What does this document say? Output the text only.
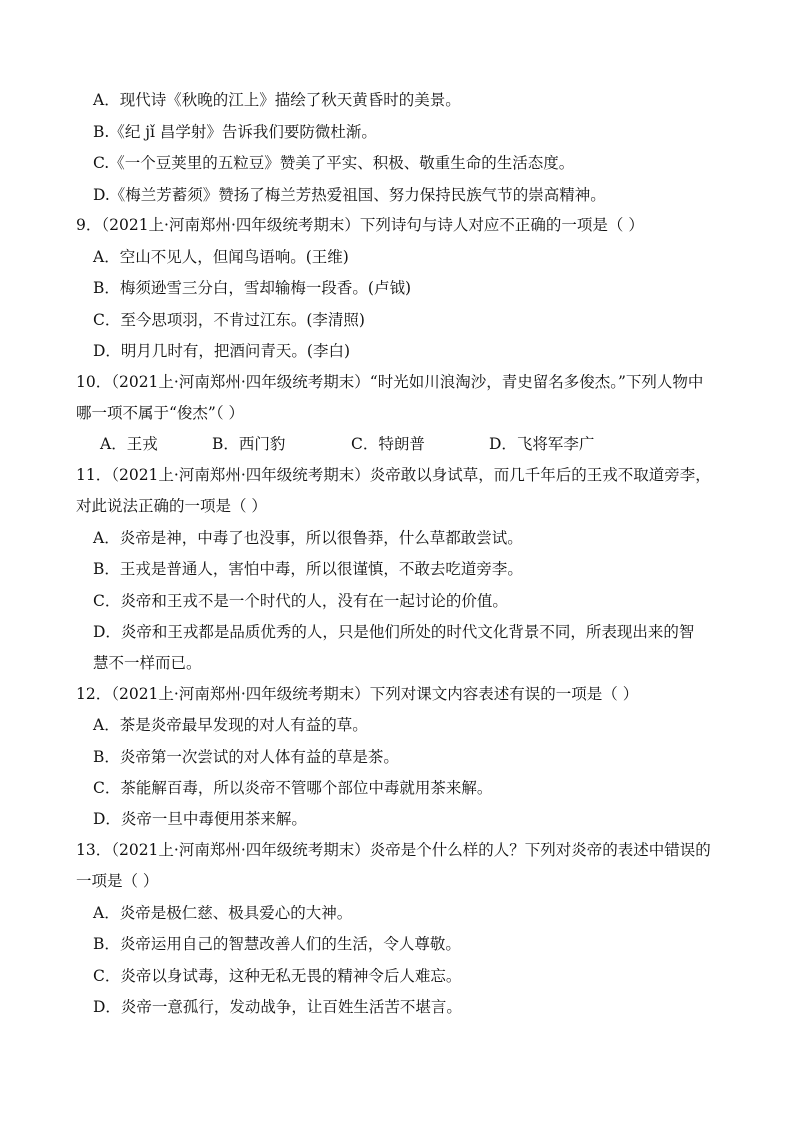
A．现代诗《秋晚的江上》描绘了秋天黄昏时的美景。
B.《纪 jǐ 昌学射》告诉我们要防微杜渐。
C.《一个豆荚里的五粒豆》赞美了平实、积极、敬重生命的生活态度。
D.《梅兰芳蓄须》赞扬了梅兰芳热爱祖国、努力保持民族气节的崇高精神。
9．（2021上·河南郑州·四年级统考期末）下列诗句与诗人对应不正确的一项是（ ）
A．空山不见人，但闻鸟语响。(王维)
B．梅须逊雪三分白，雪却输梅一段香。(卢钺)
C．至今思项羽，不肯过江东。(李清照)
D．明月几时有，把酒问青天。(李白)
10．（2021上·河南郑州·四年级统考期末）“时光如川浪淘沙，青史留名多俊杰。”下列人物中
哪一项不属于“俊杰”（ ）
A．王戎	B．西门豹	C．特朗普	D．飞将军李广
11．（2021上·河南郑州·四年级统考期末）炎帝敢以身试草，而几千年后的王戎不取道旁李，
对此说法正确的一项是（ ）
A．炎帝是神，中毒了也没事，所以很鲁莽，什么草都敢尝试。
B．王戎是普通人，害怕中毒，所以很谨慎，不敢去吃道旁李。
C．炎帝和王戎不是一个时代的人，没有在一起讨论的价值。
D．炎帝和王戎都是品质优秀的人，只是他们所处的时代文化背景不同，所表现出来的智
慧不一样而已。
12．（2021上·河南郑州·四年级统考期末）下列对课文内容表述有误的一项是（ ）
A．茶是炎帝最早发现的对人有益的草。
B．炎帝第一次尝试的对人体有益的草是茶。
C．茶能解百毒，所以炎帝不管哪个部位中毒就用茶来解。
D．炎帝一旦中毒便用茶来解。
13．（2021上·河南郑州·四年级统考期末）炎帝是个什么样的人？下列对炎帝的表述中错误的
一项是（ ）
A．炎帝是极仁慈、极具爱心的大神。
B．炎帝运用自己的智慧改善人们的生活，令人尊敬。
C．炎帝以身试毒，这种无私无畏的精神令后人难忘。
D．炎帝一意孤行，发动战争，让百姓生活苦不堪言。
